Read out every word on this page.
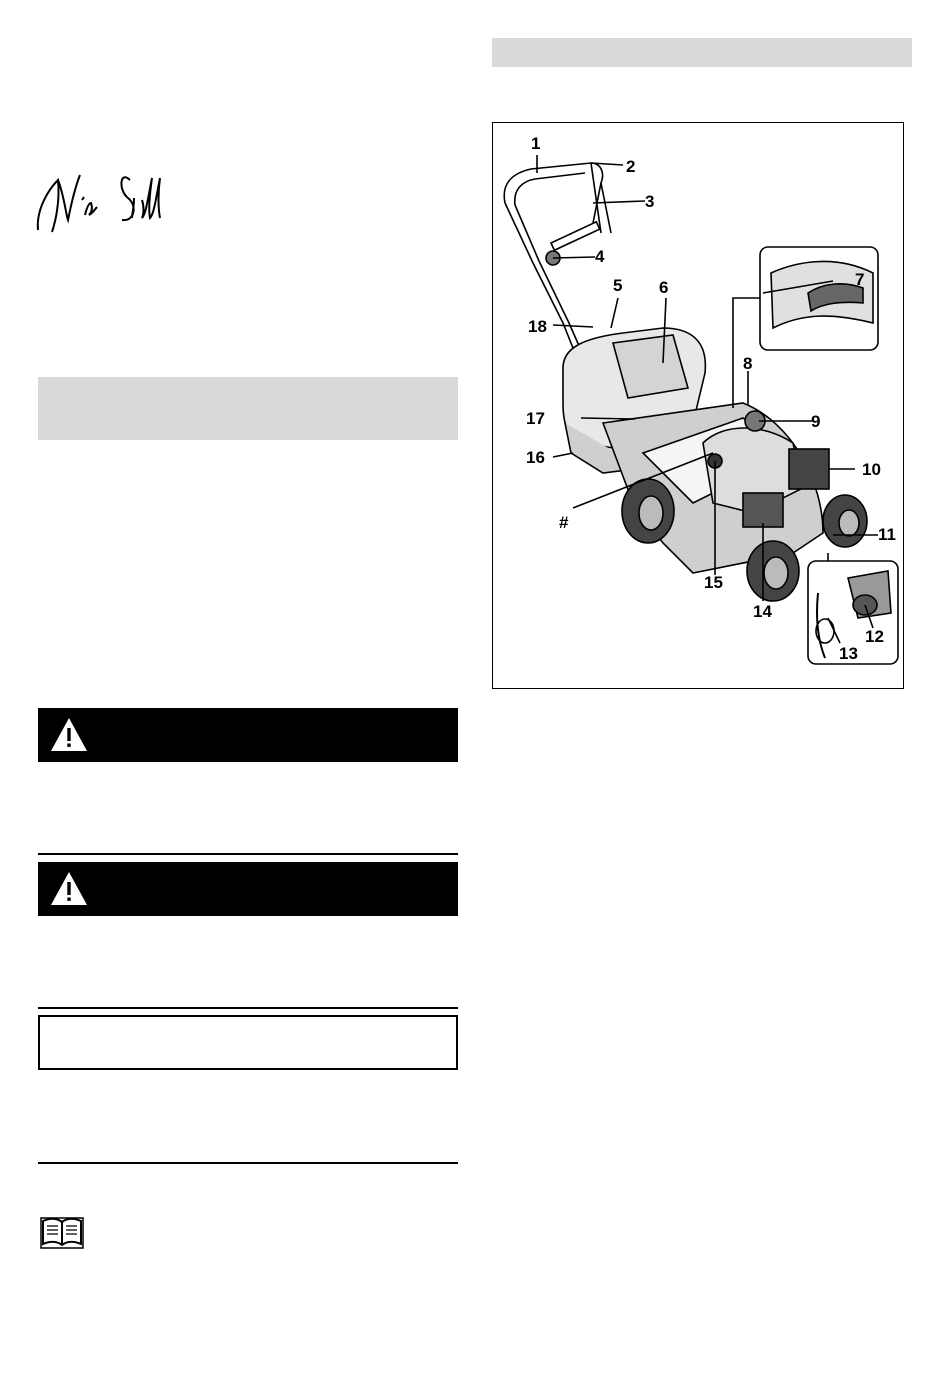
1
2
3
4
5 6	7
8
9
10
11
12
13
14
15
16
17
18
#
